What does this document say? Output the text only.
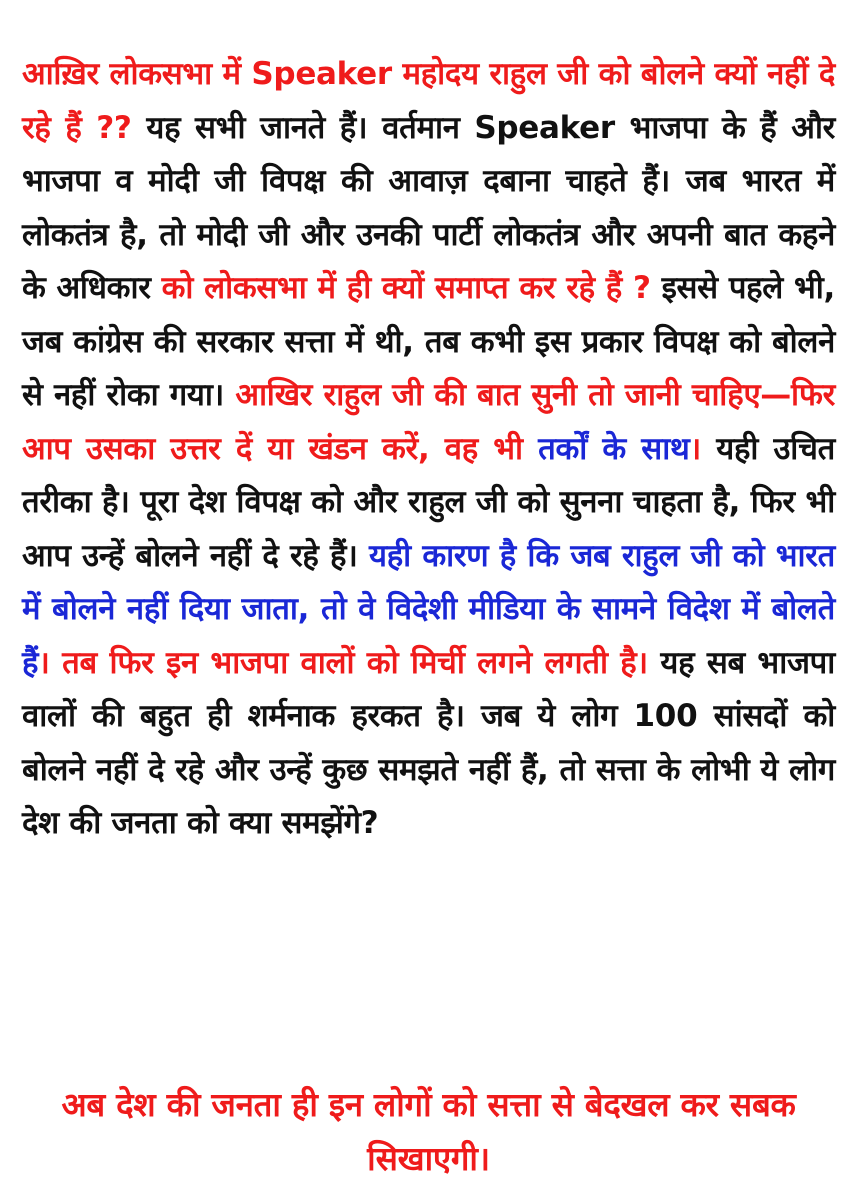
आख़िर लोकसभा में Speaker महोदय राहुल जी को बोलने क्यों नहीं दे रहे हैं ?? यह सभी जानते हैं। वर्तमान Speaker भाजपा के हैं और भाजपा व मोदी जी विपक्ष की आवाज़ दबाना चाहते हैं। जब भारत में लोकतंत्र है, तो मोदी जी और उनकी पार्टी लोकतंत्र और अपनी बात कहने के अधिकार को लोकसभा में ही क्यों समाप्त कर रहे हैं ? इससे पहले भी, जब कांग्रेस की सरकार सत्ता में थी, तब कभी इस प्रकार विपक्ष को बोलने से नहीं रोका गया। आखिर राहुल जी की बात सुनी तो जानी चाहिए—फिर आप उसका उत्तर दें या खंडन करें, वह भी तर्कों के साथ। यही उचित तरीका है। पूरा देश विपक्ष को और राहुल जी को सुनना चाहता है, फिर भी आप उन्हें बोलने नहीं दे रहे हैं। यही कारण है कि जब राहुल जी को भारत में बोलने नहीं दिया जाता, तो वे विदेशी मीडिया के सामने विदेश में बोलते हैं। तब फिर इन भाजपा वालों को मिर्ची लगने लगती है। यह सब भाजपा वालों की बहुत ही शर्मनाक हरकत है। जब ये लोग 100 सांसदों को बोलने नहीं दे रहे और उन्हें कुछ समझते नहीं हैं, तो सत्ता के लोभी ये लोग देश की जनता को क्या समझेंगे?

अब देश की जनता ही इन लोगों को सत्ता से बेदखल कर सबक सिखाएगी।
